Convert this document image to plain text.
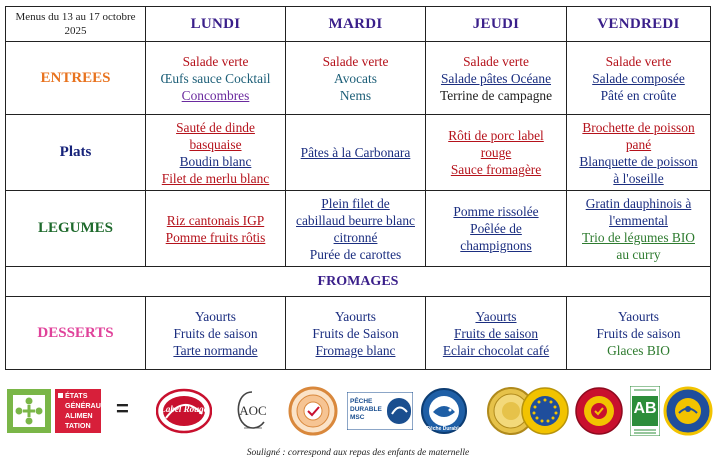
Menus du 13 au 17 octobre 2025	LUNDI	MARDI	JEUDI	VENDREDI
ENTREES	Salade verte
Œufs sauce Cocktail
Concombres	Salade verte
Avocats
Nems	Salade verte
Salade pâtes Océane
Terrine de campagne	Salade verte
Salade composée
Pâté en croûte

Plats	Sauté de dinde
basquaise
Boudin blanc
Filet de merlu blanc	Pâtes à la Carbonara	Rôti de porc label
rouge
Sauce fromagère	Brochette de poisson
pané
Blanquette de poisson
à l'oseille

LEGUMES	Riz cantonais IGP
Pomme fruits rôtis	Plein filet de
cabillaud beurre blanc
citronné
Purée de carottes	Pomme rissolée
Poêlée de
champignons	Gratin dauphinois à
l'emmental
Trio de légumes BIO
au curry

FROMAGES				
DESSERTS	Yaourts
Fruits de saison
Tarte normande	Yaourts
Fruits de Saison
Fromage blanc	Yaourts
Fruits de saison
Eclair chocolat café	Yaourts
Fruits de saison
Glaces BIO
ÉTATS
GÉNÉRAUX
ALIMEN
TATION
=	Label Rouge	AOC
PÊCHE
DURABLE
MSC
Pêche Durable
AB
Souligné : correspond aux repas des enfants de maternelle
